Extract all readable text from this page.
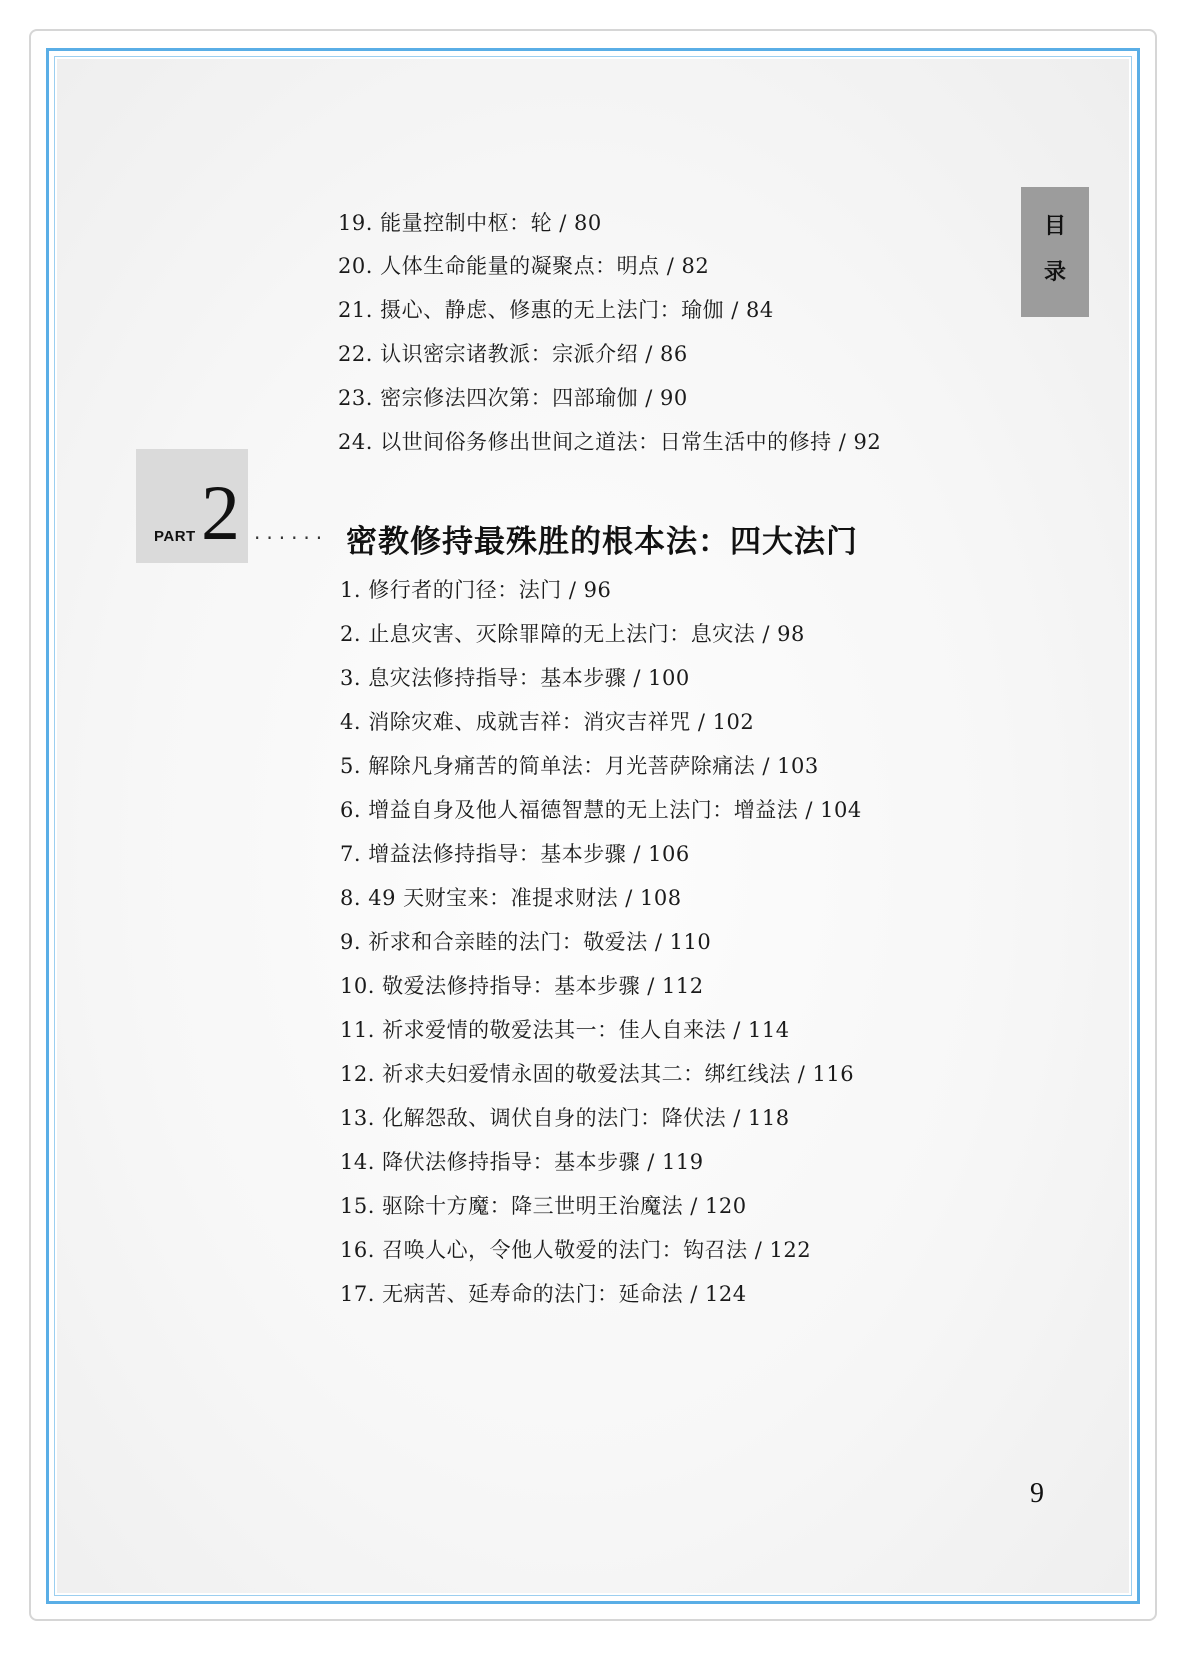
目
录
19. 能量控制中枢：轮 / 80
20. 人体生命能量的凝聚点：明点 / 82
21. 摄心、静虑、修惠的无上法门：瑜伽 / 84
22. 认识密宗诸教派：宗派介绍 / 86
23. 密宗修法四次第：四部瑜伽 / 90
24. 以世间俗务修出世间之道法：日常生活中的修持 / 92
PART 2 ...... 密教修持最殊胜的根本法：四大法门
1. 修行者的门径：法门 / 96
2. 止息灾害、灭除罪障的无上法门：息灾法 / 98
3. 息灾法修持指导：基本步骤 / 100
4. 消除灾难、成就吉祥：消灾吉祥咒 / 102
5. 解除凡身痛苦的简单法：月光菩萨除痛法 / 103
6. 增益自身及他人福德智慧的无上法门：增益法 / 104
7. 增益法修持指导：基本步骤 / 106
8. 49 天财宝来：准提求财法 / 108
9. 祈求和合亲睦的法门：敬爱法 / 110
10. 敬爱法修持指导：基本步骤 / 112
11. 祈求爱情的敬爱法其一：佳人自来法 / 114
12. 祈求夫妇爱情永固的敬爱法其二：绑红线法 / 116
13. 化解怨敌、调伏自身的法门：降伏法 / 118
14. 降伏法修持指导：基本步骤 / 119
15. 驱除十方魔：降三世明王治魔法 / 120
16. 召唤人心，令他人敬爱的法门：钩召法 / 122
17. 无病苦、延寿命的法门：延命法 / 124
9
